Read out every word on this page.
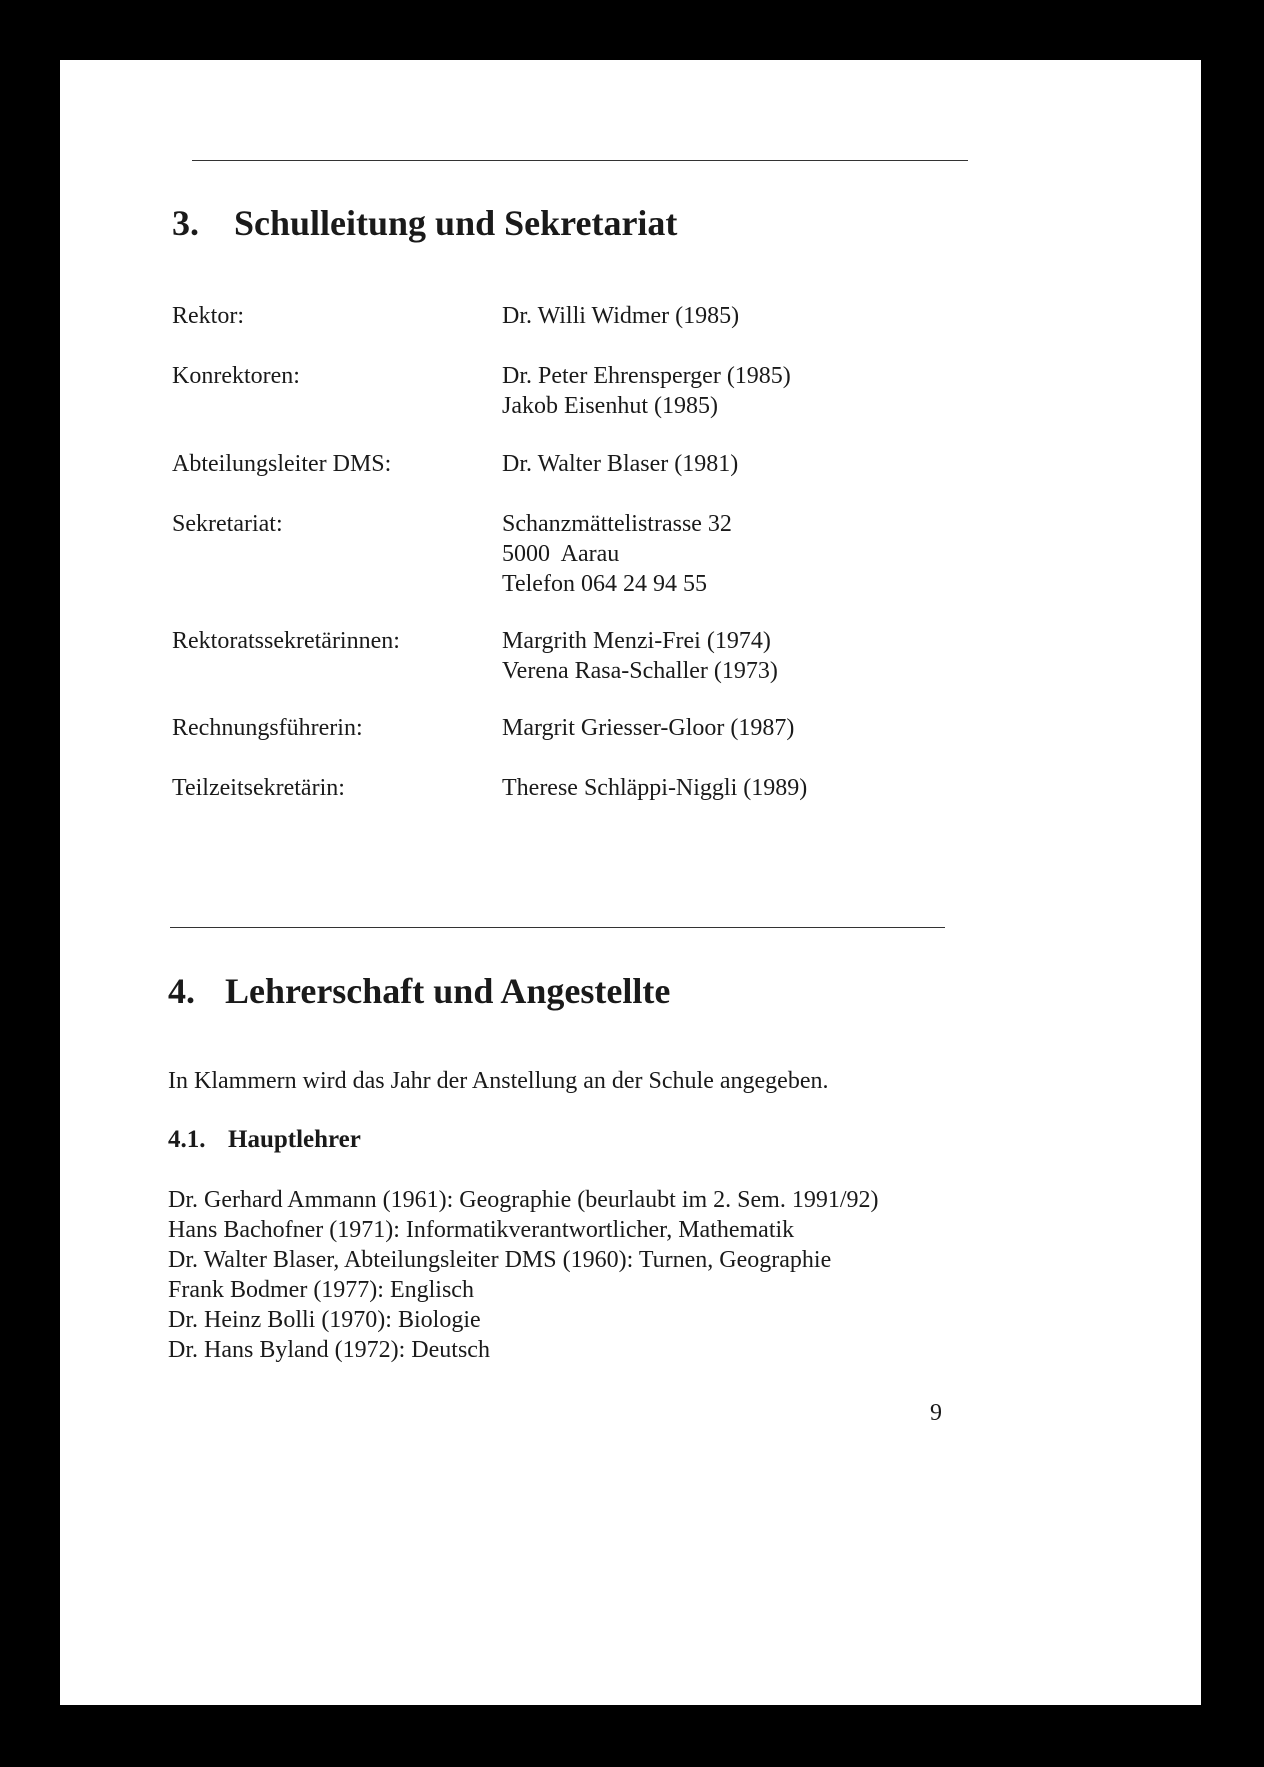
3. Schulleitung und Sekretariat

Rektor:	Dr. Willi Widmer (1985)

Konrektoren:	Dr. Peter Ehrensperger (1985)

Jakob Eisenhut (1985)

Abteilungsleiter DMS:	Dr. Walter Blaser (1981)

Sekretariat:	Schanzmättelistrasse 32

5000  Aarau

Telefon 064 24 94 55

Rektoratssekretärinnen:	Margrith Menzi-Frei (1974)

Verena Rasa-Schaller (1973)

Rechnungsführerin:	Margrit Griesser-Gloor (1987)

Teilzeitsekretärin:	Therese Schläppi-Niggli (1989)

4. Lehrerschaft und Angestellte

In Klammern wird das Jahr der Anstellung an der Schule angegeben.

4.1. Hauptlehrer

Dr. Gerhard Ammann (1961): Geographie (beurlaubt im 2. Sem. 1991/92)

Hans Bachofner (1971): Informatikverantwortlicher, Mathematik

Dr. Walter Blaser, Abteilungsleiter DMS (1960): Turnen, Geographie

Frank Bodmer (1977): Englisch

Dr. Heinz Bolli (1970): Biologie

Dr. Hans Byland (1972): Deutsch

9
